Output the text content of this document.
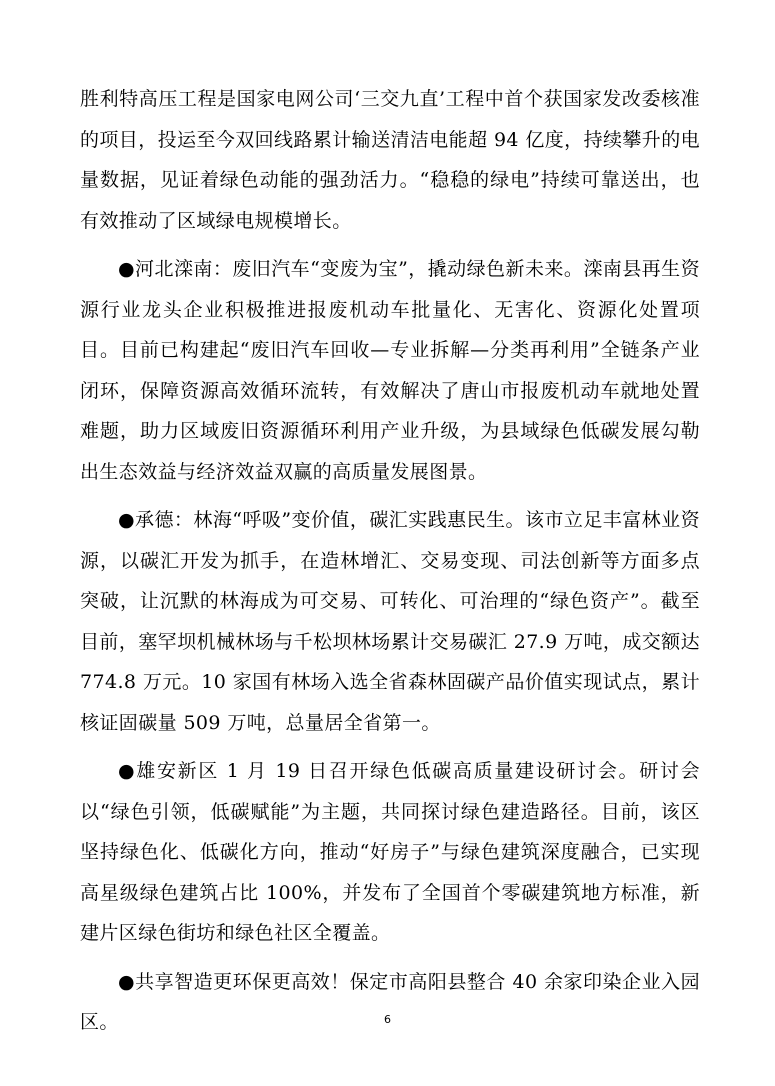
胜利特高压工程是国家电网公司‘三交九直’工程中首个获国家发改委核准的项目，投运至今双回线路累计输送清洁电能超 94 亿度，持续攀升的电量数据，见证着绿色动能的强劲活力。“稳稳的绿电”持续可靠送出，也有效推动了区域绿电规模增长。

●河北滦南：废旧汽车“变废为宝”，撬动绿色新未来。滦南县再生资源行业龙头企业积极推进报废机动车批量化、无害化、资源化处置项目。目前已构建起“废旧汽车回收—专业拆解—分类再利用”全链条产业闭环，保障资源高效循环流转，有效解决了唐山市报废机动车就地处置难题，助力区域废旧资源循环利用产业升级，为县域绿色低碳发展勾勒出生态效益与经济效益双赢的高质量发展图景。

●承德：林海“呼吸”变价值，碳汇实践惠民生。该市立足丰富林业资源，以碳汇开发为抓手，在造林增汇、交易变现、司法创新等方面多点突破，让沉默的林海成为可交易、可转化、可治理的“绿色资产”。截至目前，塞罕坝机械林场与千松坝林场累计交易碳汇 27.9 万吨，成交额达 774.8 万元。10 家国有林场入选全省森林固碳产品价值实现试点，累计核证固碳量 509 万吨，总量居全省第一。

●雄安新区 1 月 19 日召开绿色低碳高质量建设研讨会。研讨会以“绿色引领，低碳赋能”为主题，共同探讨绿色建造路径。目前，该区坚持绿色化、低碳化方向，推动“好房子”与绿色建筑深度融合，已实现高星级绿色建筑占比 100%，并发布了全国首个零碳建筑地方标准，新建片区绿色街坊和绿色社区全覆盖。

●共享智造更环保更高效！保定市高阳县整合 40 余家印染企业入园区。	6
